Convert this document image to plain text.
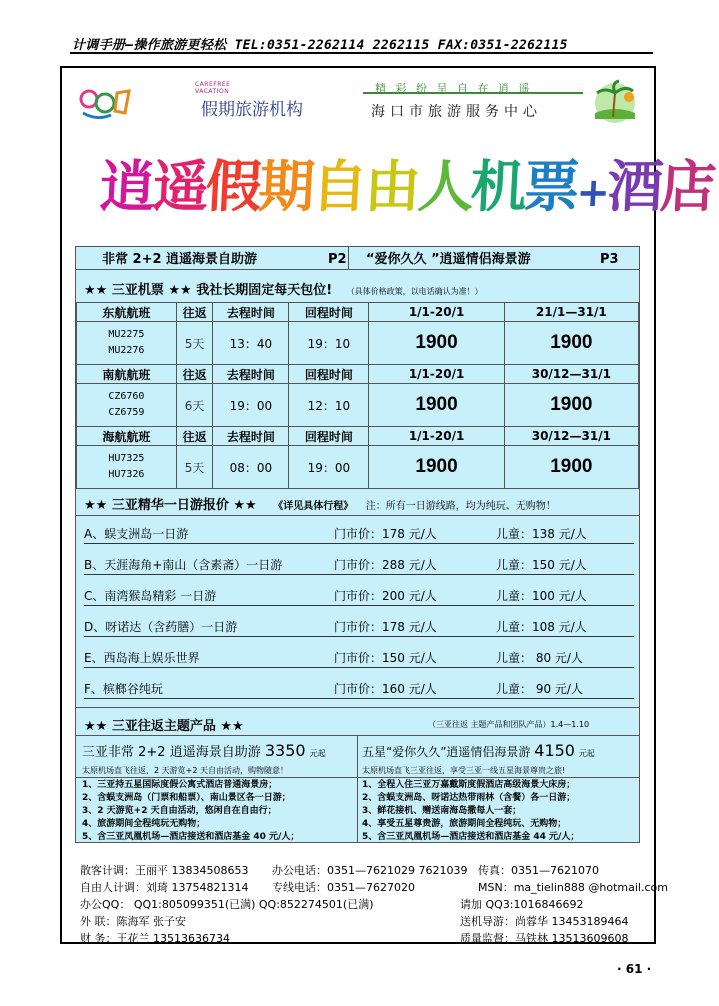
计调手册—操作旅游更轻松 TEL:0351-2262114 2262115 FAX:0351-2262115
CAREFREE
VACATION
假期旅游机构
精 彩 纷 呈 自 在 逍 遥
海口市旅游服务中心
逍遥假期自由人机票+酒店
非常 2+2 逍遥海景自助游	P2 “爱你久久 ”逍遥情侣海景游	P3
★★ 三亚机票 ★★ 我社长期固定每天包位! （具体价格政策，以电话确认为准！）
东航航班	往返	去程时间	回程时间	1/1-20/1	21/1—31/1
MU2275
MU2276	5天	13：40	19：10	1900	1900
南航航班	往返	去程时间	回程时间	1/1-20/1	30/12—31/1
CZ6760
CZ6759	6天	19：00	12：10	1900	1900
海航航班	往返	去程时间	回程时间	1/1-20/1	30/12—31/1
HU7325
HU7326	5天	08：00	19：00	1900	1900
★★ 三亚精华一日游报价 ★★ 《详见具体行程》 注：所有一日游线路，均为纯玩、无购物！
A、蜈支洲岛一日游	门市价：178 元/人	儿童：138 元/人
B、天涯海角+南山（含素斋）一日游	门市价：288 元/人	儿童：150 元/人
C、南湾猴岛精彩 一日游	门市价：200 元/人	儿童：100 元/人
D、呀诺达（含药膳）一日游	门市价：178 元/人	儿童：108 元/人
E、西岛海上娱乐世界	门市价：150 元/人	儿童： 80 元/人
F、槟榔谷纯玩	门市价：160 元/人	儿童： 90 元/人
★★ 三亚往返主题产品 ★★	（三亚往返 主题产品和团队产品）1.4—1.10
三亚非常 2+2 逍遥海景自助游 3350 元起
太原机场直飞往返，2 天游览+2 天自由活动，购物随意！
五星“爱你久久”逍遥情侣海景游 4150 元起
太原机场直飞三亚往返，享受三亚一线五星海景尊贵之旅!
1、三亚持五星国际度假公寓式酒店普通海景房；
2、含蜈支洲岛（门票和船票）、南山景区各一日游；
3、2 天游览+2 天自由活动，悠闲自在自由行；
4、旅游期间全程纯玩无购物；
5、含三亚凤凰机场—酒店接送和酒店基金 40 元/人；
1、全程入住三亚万嘉戴斯度假酒店高级海景大床房；
2、含蜈支洲岛、呀诺达热带雨林（含餐）各一日游；
3、鲜花接机、赠送南海岛撒每人一套；
4、享受五星尊贵游，旅游期间全程纯玩、无购物；
5、含三亚凤凰机场—酒店接送和酒店基金 44 元/人；
散客计调：王丽平 13834508653 办公电话：0351—7621029 7621039 传真：0351—7621070
自由人计调：刘琦 13754821314 专线电话：0351—7627020	MSN：ma_tielin888 @hotmail.com
办公QQ： QQ1:805099351(已满) QQ:852274501(已满)	请加 QQ3:1016846692
外 联：陈海军 张子安	送机导游：尚蓉华 13453189464
财 务：王花兰 13513636734	质量监督：马铁林 13513609608
· 61 ·
